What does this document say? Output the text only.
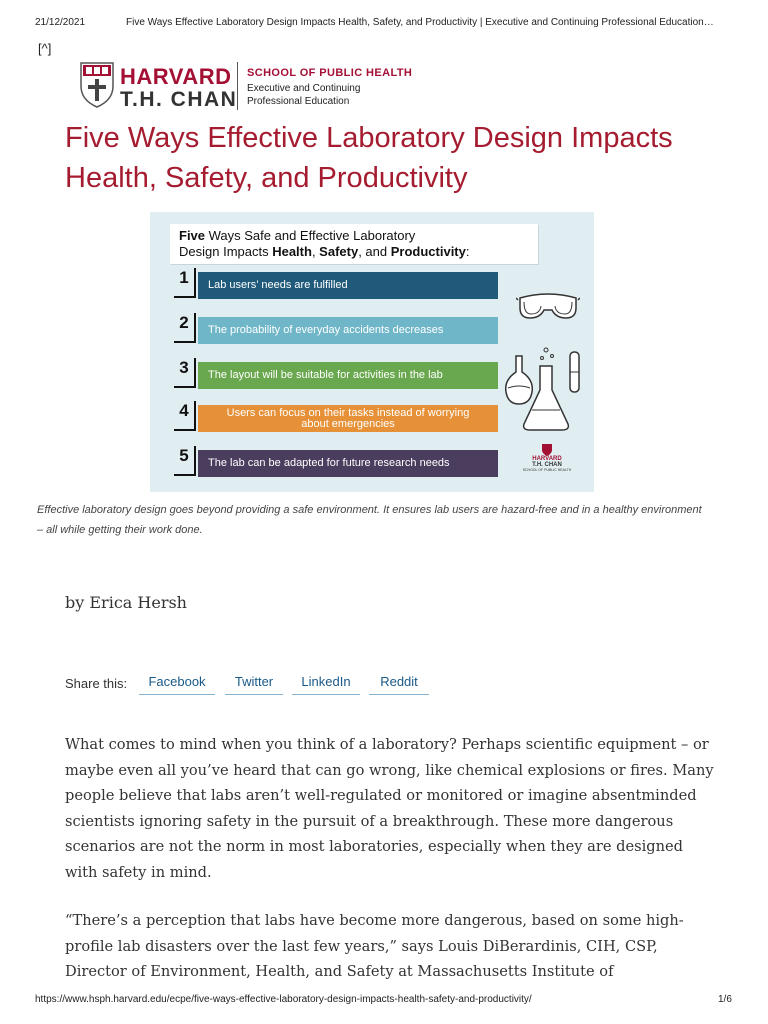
21/12/2021	Five Ways Effective Laboratory Design Impacts Health, Safety, and Productivity | Executive and Continuing Professional Education…
[^]
HARVARD
T.H. CHAN
SCHOOL OF PUBLIC HEALTH
Executive and Continuing
Professional Education
Five Ways Effective Laboratory Design Impacts Health, Safety, and Productivity
Five Ways Safe and Effective Laboratory
Design Impacts Health, Safety, and Productivity:
1	Lab users’ needs are fulfilled
2	The probability of everyday accidents decreases
3	The layout will be suitable for activities in the lab
4	Users can focus on their tasks instead of worrying
about emergencies
5	The lab can be adapted for future research needs	HARVARD
T.H. CHAN
SCHOOL OF PUBLIC HEALTH

Effective laboratory design goes beyond providing a safe environment. It ensures lab users are hazard-free and in a healthy environment – all while getting their work done.

by Erica Hersh
Share this:	Facebook	Twitter	LinkedIn	Reddit

What comes to mind when you think of a laboratory? Perhaps scientific equipment – or maybe even all you’ve heard that can go wrong, like chemical explosions or fires. Many people believe that labs aren’t well-regulated or monitored or imagine absentminded scientists ignoring safety in the pursuit of a breakthrough. These more dangerous scenarios are not the norm in most laboratories, especially when they are designed with safety in mind.

“There’s a perception that labs have become more dangerous, based on some high-profile lab disasters over the last few years,” says Louis DiBerardinis, CIH, CSP, Director of Environment, Health, and Safety at Massachusetts Institute of

https://www.hsph.harvard.edu/ecpe/five-ways-effective-laboratory-design-impacts-health-safety-and-productivity/	1/6
